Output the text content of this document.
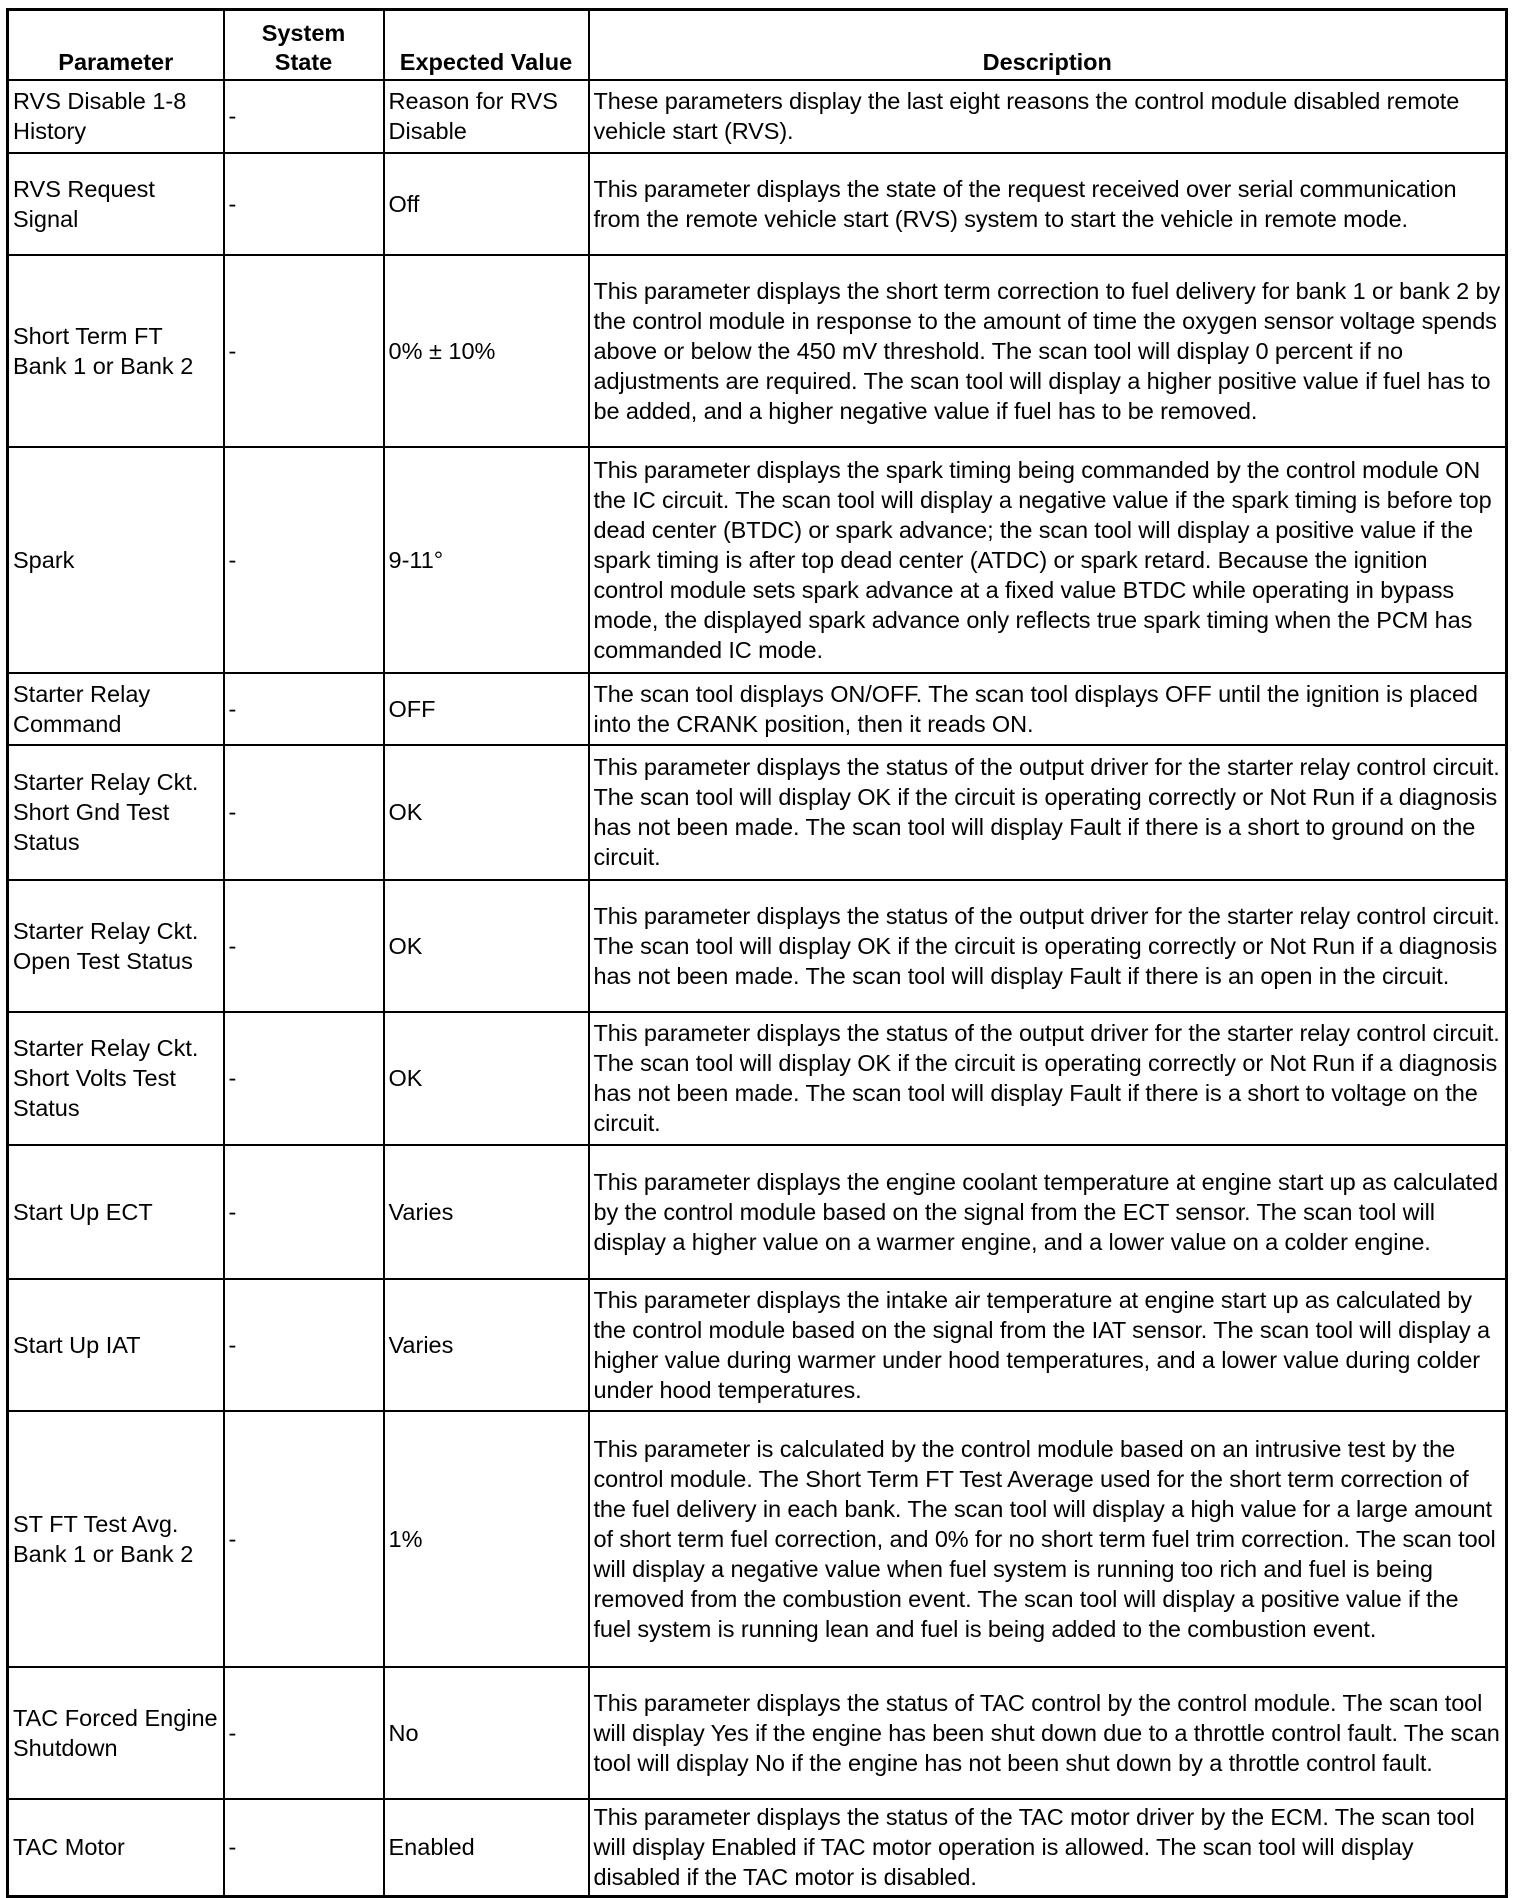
Parameter	System State	Expected Value	Description
RVS Disable 1-8 History	-	Reason for RVS Disable	These parameters display the last eight reasons the control module disabled remote vehicle start (RVS).
RVS Request Signal	-	Off	This parameter displays the state of the request received over serial communication from the remote vehicle start (RVS) system to start the vehicle in remote mode.
Short Term FT Bank 1 or Bank 2	-	0% ± 10%	This parameter displays the short term correction to fuel delivery for bank 1 or bank 2 by the control module in response to the amount of time the oxygen sensor voltage spends above or below the 450 mV threshold. The scan tool will display 0 percent if no adjustments are required. The scan tool will display a higher positive value if fuel has to be added, and a higher negative value if fuel has to be removed.
Spark	-	9-11°	This parameter displays the spark timing being commanded by the control module ON the IC circuit. The scan tool will display a negative value if the spark timing is before top dead center (BTDC) or spark advance; the scan tool will display a positive value if the spark timing is after top dead center (ATDC) or spark retard. Because the ignition control module sets spark advance at a fixed value BTDC while operating in bypass mode, the displayed spark advance only reflects true spark timing when the PCM has commanded IC mode.
Starter Relay Command	-	OFF	The scan tool displays ON/OFF. The scan tool displays OFF until the ignition is placed into the CRANK position, then it reads ON.
Starter Relay Ckt. Short Gnd Test Status	-	OK	This parameter displays the status of the output driver for the starter relay control circuit. The scan tool will display OK if the circuit is operating correctly or Not Run if a diagnosis has not been made. The scan tool will display Fault if there is a short to ground on the circuit.
Starter Relay Ckt. Open Test Status	-	OK	This parameter displays the status of the output driver for the starter relay control circuit. The scan tool will display OK if the circuit is operating correctly or Not Run if a diagnosis has not been made. The scan tool will display Fault if there is an open in the circuit.
Starter Relay Ckt. Short Volts Test Status	-	OK	This parameter displays the status of the output driver for the starter relay control circuit. The scan tool will display OK if the circuit is operating correctly or Not Run if a diagnosis has not been made. The scan tool will display Fault if there is a short to voltage on the circuit.
Start Up ECT	-	Varies	This parameter displays the engine coolant temperature at engine start up as calculated by the control module based on the signal from the ECT sensor. The scan tool will display a higher value on a warmer engine, and a lower value on a colder engine.
Start Up IAT	-	Varies	This parameter displays the intake air temperature at engine start up as calculated by the control module based on the signal from the IAT sensor. The scan tool will display a higher value during warmer under hood temperatures, and a lower value during colder under hood temperatures.
ST FT Test Avg. Bank 1 or Bank 2	-	1%	This parameter is calculated by the control module based on an intrusive test by the control module. The Short Term FT Test Average used for the short term correction of the fuel delivery in each bank. The scan tool will display a high value for a large amount of short term fuel correction, and 0% for no short term fuel trim correction. The scan tool will display a negative value when fuel system is running too rich and fuel is being removed from the combustion event. The scan tool will display a positive value if the fuel system is running lean and fuel is being added to the combustion event.
TAC Forced Engine Shutdown	-	No	This parameter displays the status of TAC control by the control module. The scan tool will display Yes if the engine has been shut down due to a throttle control fault. The scan tool will display No if the engine has not been shut down by a throttle control fault.
TAC Motor	-	Enabled	This parameter displays the status of the TAC motor driver by the ECM. The scan tool will display Enabled if TAC motor operation is allowed. The scan tool will display disabled if the TAC motor is disabled.
